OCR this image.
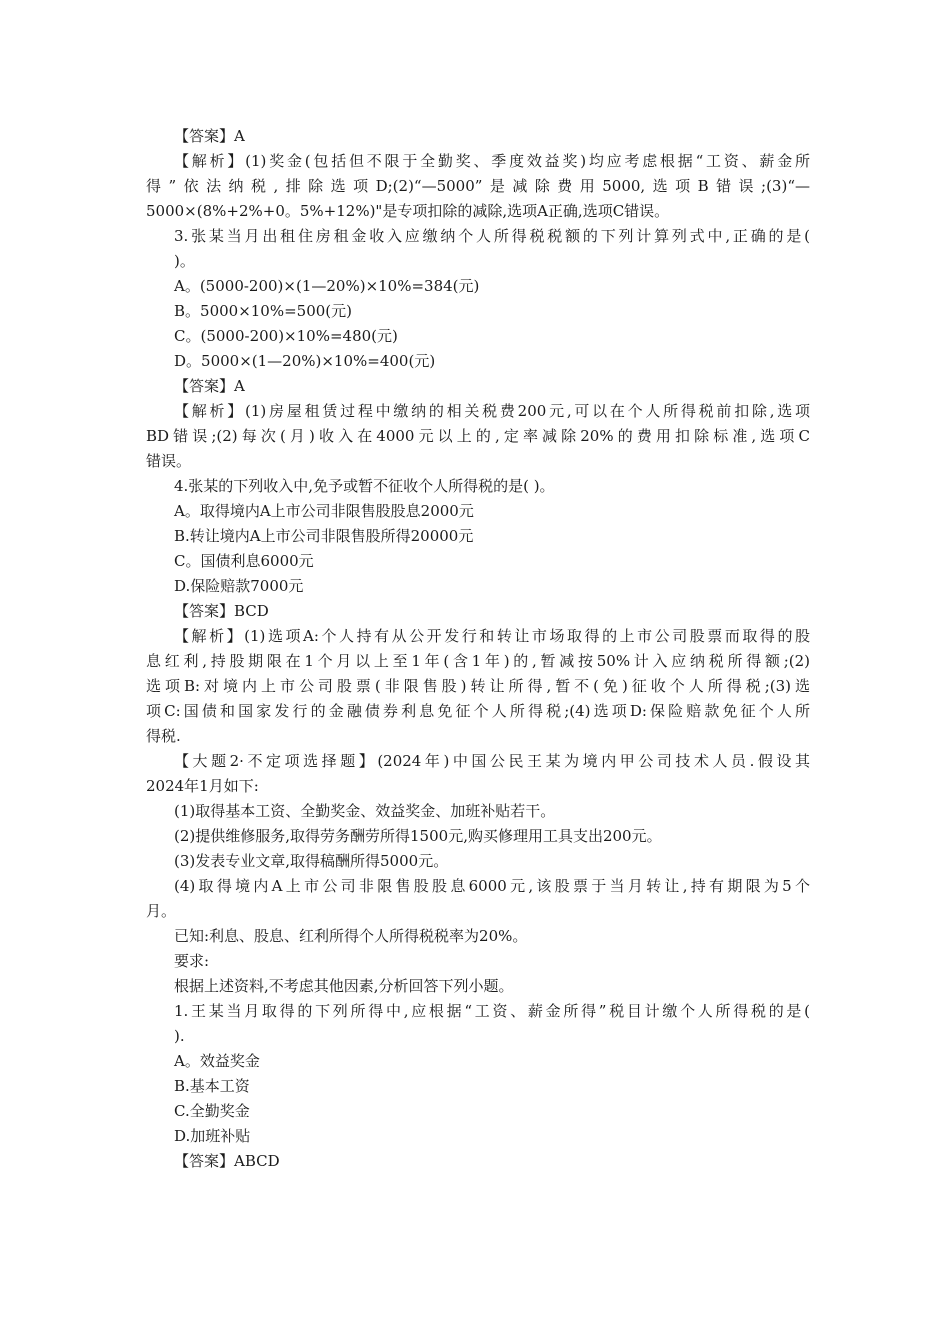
【答案】A
【解析】(1)奖金(包括但不限于全勤奖、季度效益奖)均应考虑根据“工资、薪金所
得”依法纳税,排除选项D;(2)“—5000”是减除费用5000,选项B错误;(3)“—
5000×(8%+2%+0。5%+12%)"是专项扣除的减除,选项A正确,选项C错误。
3.张某当月出租住房租金收入应缴纳个人所得税税额的下列计算列式中,正确的是(
)。
A。(5000-200)×(1—20%)×10%=384(元)
B。5000×10%=500(元)
C。(5000-200)×10%=480(元)
D。5000×(1—20%)×10%=400(元)
【答案】A
【解析】(1)房屋租赁过程中缴纳的相关税费200元,可以在个人所得税前扣除,选项
BD错误;(2)每次(月)收入在4000元以上的,定率减除20%的费用扣除标准,选项C
错误。
4.张某的下列收入中,免予或暂不征收个人所得税的是( )。
A。取得境内A上市公司非限售股股息2000元
B.转让境内A上市公司非限售股所得20000元
C。国债利息6000元
D.保险赔款7000元
【答案】BCD
【解析】(1)选项A:个人持有从公开发行和转让市场取得的上市公司股票而取得的股
息红利,持股期限在1个月以上至1年(含1年)的,暂减按50%计入应纳税所得额;(2)
选项B:对境内上市公司股票(非限售股)转让所得,暂不(免)征收个人所得税;(3)选
项C:国债和国家发行的金融债券利息免征个人所得税;(4)选项D:保险赔款免征个人所
得税.
【大题2·不定项选择题】(2024年)中国公民王某为境内甲公司技术人员.假设其
2024年1月如下:
(1)取得基本工资、全勤奖金、效益奖金、加班补贴若干。
(2)提供维修服务,取得劳务酬劳所得1500元,购买修理用工具支出200元。
(3)发表专业文章,取得稿酬所得5000元。
(4)取得境内A上市公司非限售股股息6000元,该股票于当月转让,持有期限为5个
月。
已知:利息、股息、红利所得个人所得税税率为20%。
要求:
根据上述资料,不考虑其他因素,分析回答下列小题。
1.王某当月取得的下列所得中,应根据“工资、薪金所得”税目计缴个人所得税的是(
).
A。效益奖金
B.基本工资
C.全勤奖金
D.加班补贴
【答案】ABCD
